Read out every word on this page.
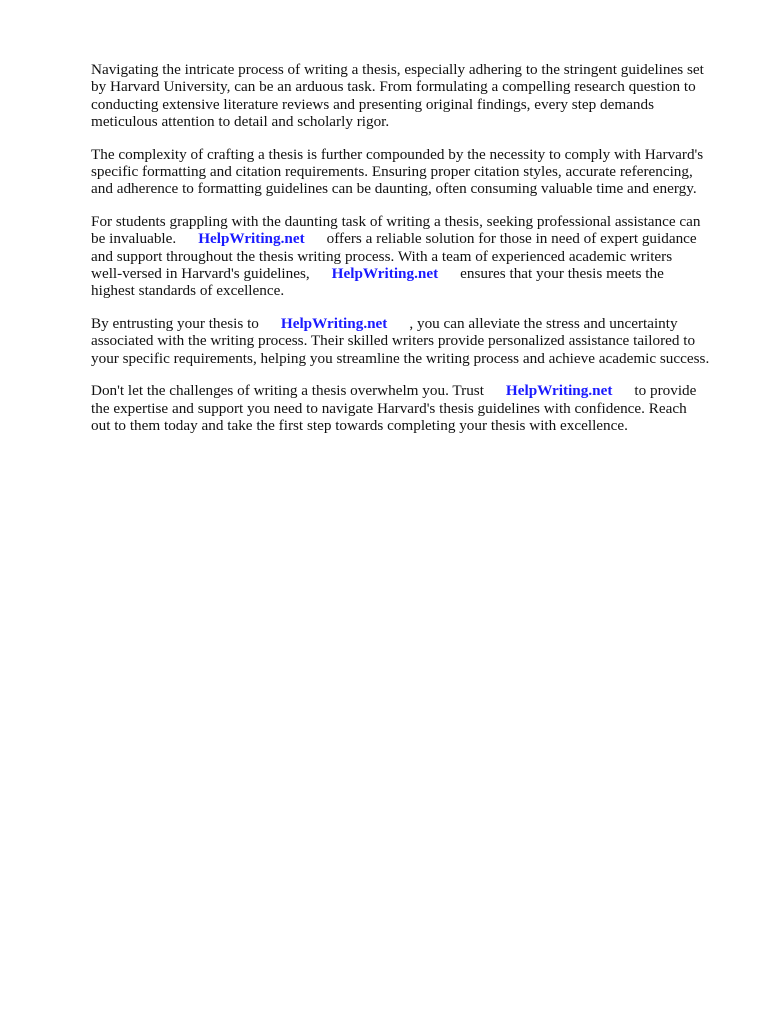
Navigating the intricate process of writing a thesis, especially adhering to the stringent guidelines set
by Harvard University, can be an arduous task. From formulating a compelling research question to
conducting extensive literature reviews and presenting original findings, every step demands
meticulous attention to detail and scholarly rigor.

The complexity of crafting a thesis is further compounded by the necessity to comply with Harvard's
specific formatting and citation requirements. Ensuring proper citation styles, accurate referencing,
and adherence to formatting guidelines can be daunting, often consuming valuable time and energy.

For students grappling with the daunting task of writing a thesis, seeking professional assistance can
be invaluable. HelpWriting.net offers a reliable solution for those in need of expert guidance
and support throughout the thesis writing process. With a team of experienced academic writers
well-versed in Harvard's guidelines, HelpWriting.net ensures that your thesis meets the
highest standards of excellence.

By entrusting your thesis to HelpWriting.net , you can alleviate the stress and uncertainty
associated with the writing process. Their skilled writers provide personalized assistance tailored to
your specific requirements, helping you streamline the writing process and achieve academic success.

Don't let the challenges of writing a thesis overwhelm you. Trust HelpWriting.net to provide
the expertise and support you need to navigate Harvard's thesis guidelines with confidence. Reach
out to them today and take the first step towards completing your thesis with excellence.
